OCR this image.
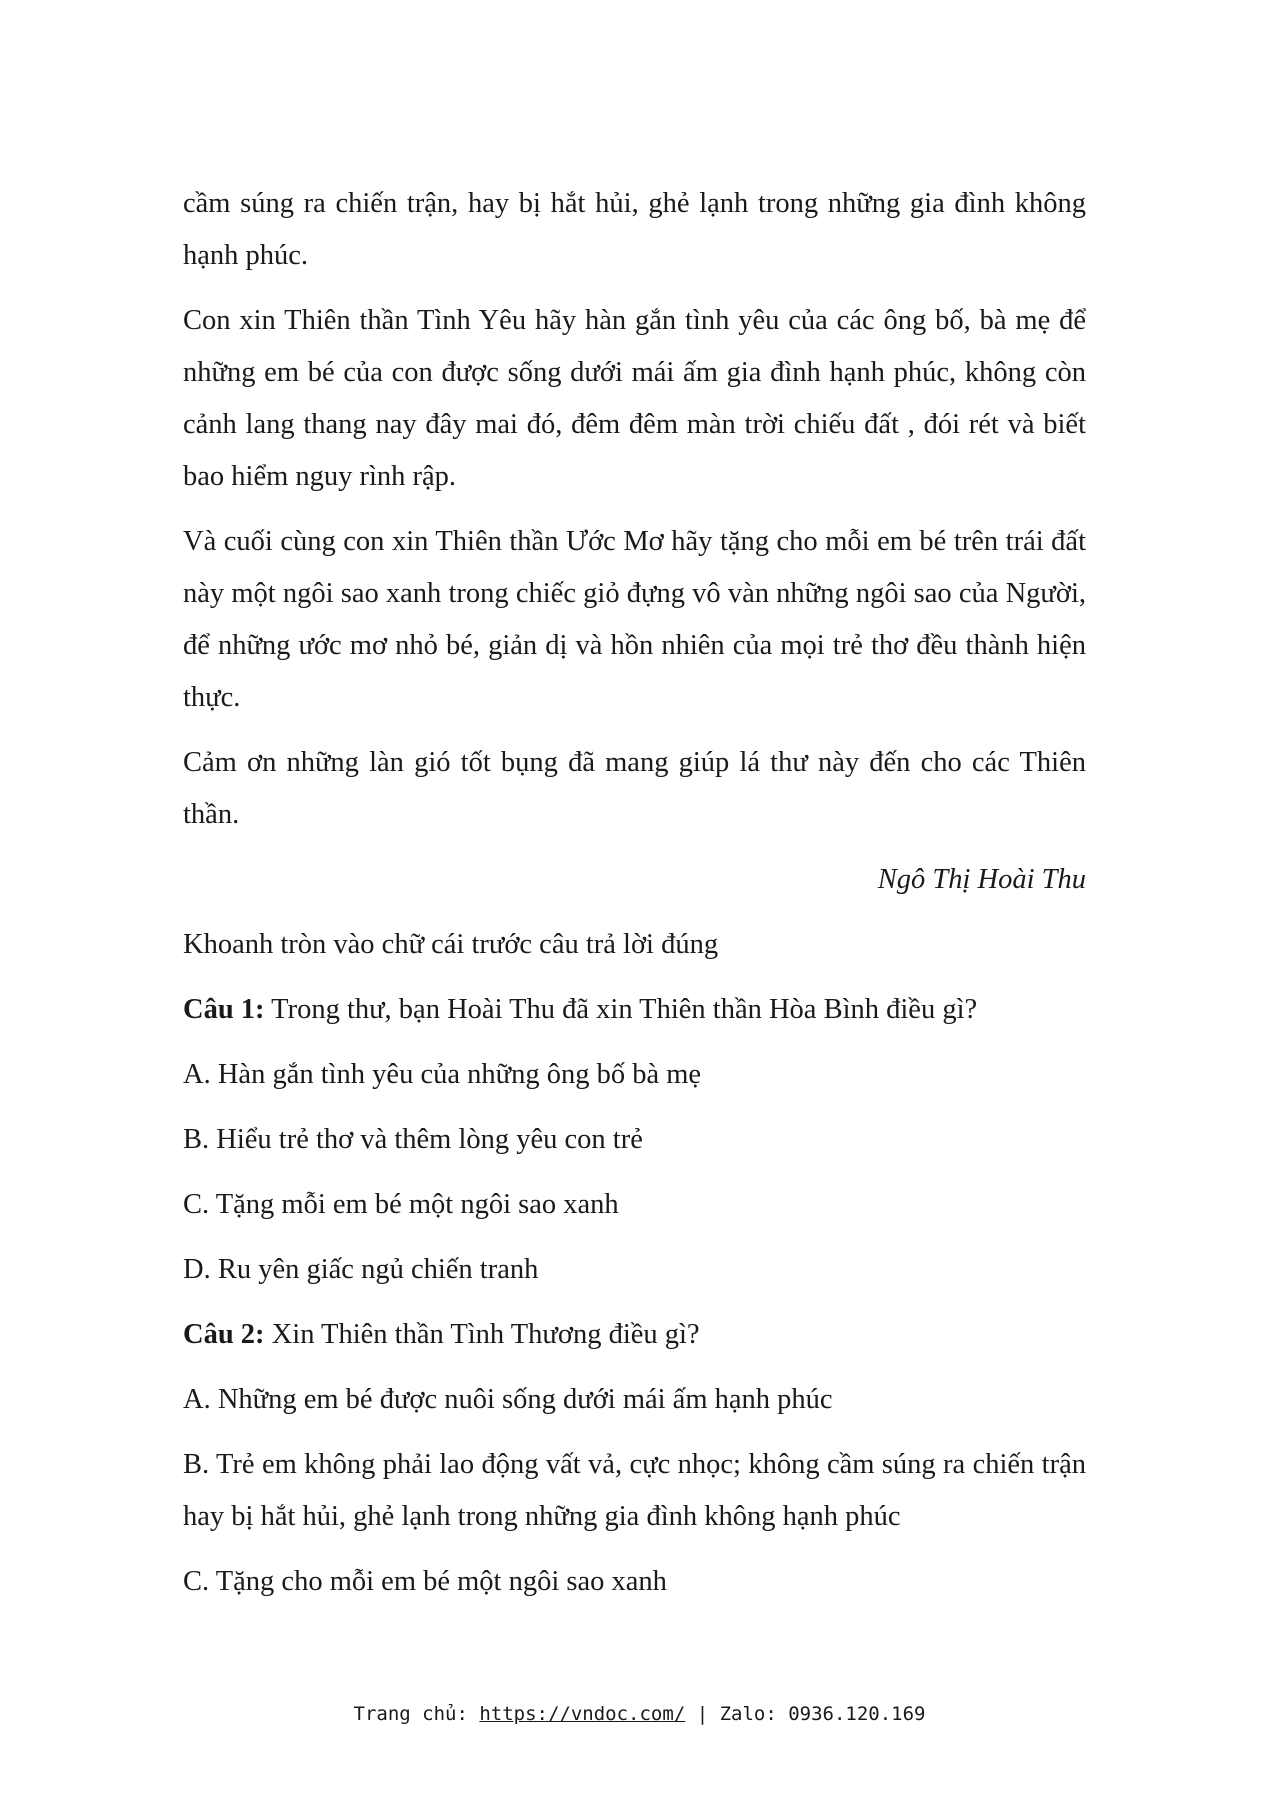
cầm súng ra chiến trận, hay bị hắt hủi, ghẻ lạnh trong những gia đình không hạnh phúc.

Con xin Thiên thần Tình Yêu hãy hàn gắn tình yêu của các ông bố, bà mẹ để những em bé của con được sống dưới mái ấm gia đình hạnh phúc, không còn cảnh lang thang nay đây mai đó, đêm đêm màn trời chiếu đất , đói rét và biết bao hiểm nguy rình rập.

Và cuối cùng con xin Thiên thần Ước Mơ hãy tặng cho mỗi em bé trên trái đất này một ngôi sao xanh trong chiếc giỏ đựng vô vàn những ngôi sao của Người, để những ước mơ nhỏ bé, giản dị và hồn nhiên của mọi trẻ thơ đều thành hiện thực.

Cảm ơn những làn gió tốt bụng đã mang giúp lá thư này đến cho các Thiên thần.

Ngô Thị Hoài Thu

Khoanh tròn vào chữ cái trước câu trả lời đúng

Câu 1: Trong thư, bạn Hoài Thu đã xin Thiên thần Hòa Bình điều gì?

A. Hàn gắn tình yêu của những ông bố bà mẹ

B. Hiểu trẻ thơ và thêm lòng yêu con trẻ

C. Tặng mỗi em bé một ngôi sao xanh

D. Ru yên giấc ngủ chiến tranh

Câu 2: Xin Thiên thần Tình Thương điều gì?

A. Những em bé được nuôi sống dưới mái ấm hạnh phúc

B. Trẻ em không phải lao động vất vả, cực nhọc; không cầm súng ra chiến trận hay bị hắt hủi, ghẻ lạnh trong những gia đình không hạnh phúc

C. Tặng cho mỗi em bé một ngôi sao xanh

Trang chủ: https://vndoc.com/ | Zalo: 0936.120.169
